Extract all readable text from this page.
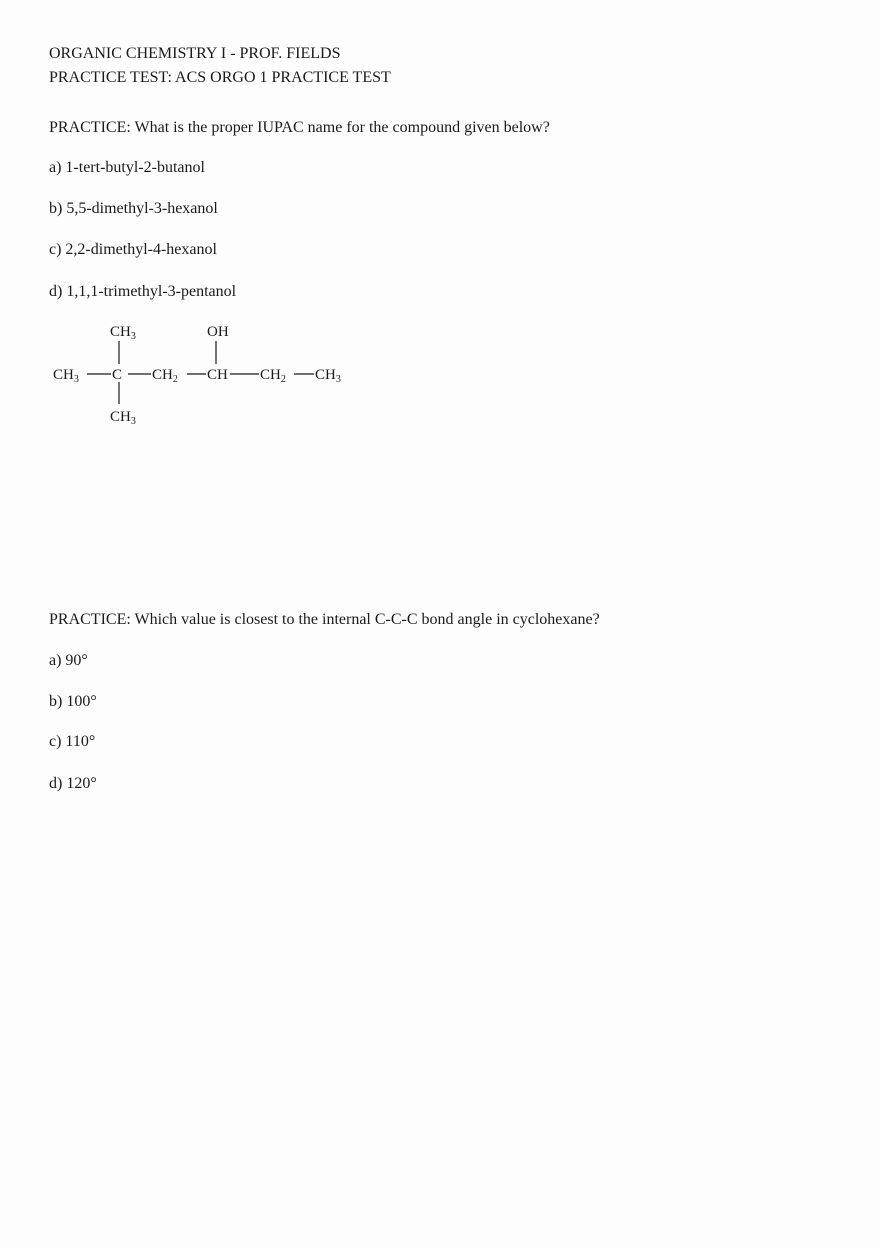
ORGANIC CHEMISTRY I - PROF. FIELDS
PRACTICE TEST: ACS ORGO 1 PRACTICE TEST
PRACTICE: What is the proper IUPAC name for the compound given below?
a) 1-tert-butyl-2-butanol
b) 5,5-dimethyl-3-hexanol
c) 2,2-dimethyl-4-hexanol
d) 1,1,1-trimethyl-3-pentanol
$CH_3$	OH
$CH_3$ C $CH_2$ CH $CH_2$ $CH_3$
$CH_3$
PRACTICE: Which value is closest to the internal C-C-C bond angle in cyclohexane?
a) 90°
b) 100°
c) 110°
d) 120°
